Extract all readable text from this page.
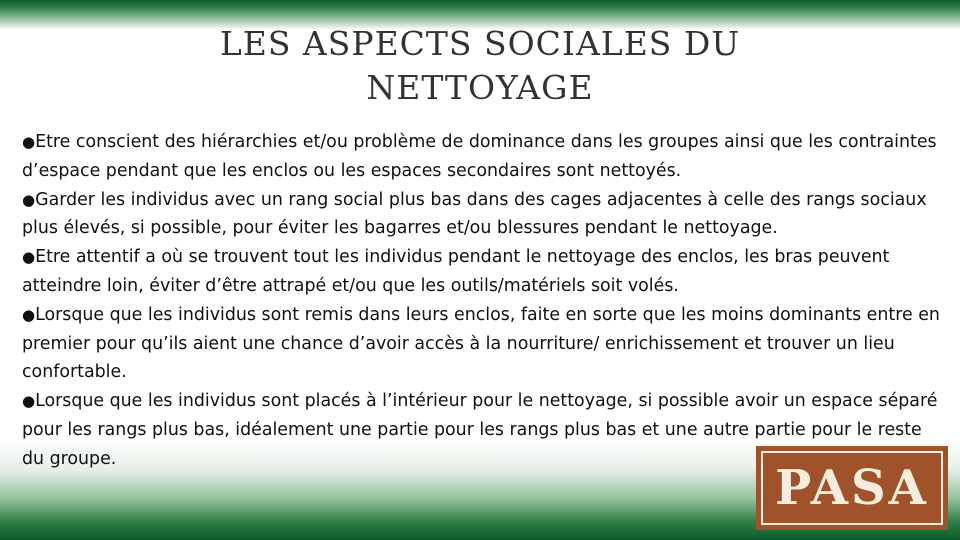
LES ASPECTS SOCIALES DU
NETTOYAGE

●Etre conscient des hiérarchies et/ou problème de dominance dans les groupes ainsi que les contraintes d’espace pendant que les enclos ou les espaces secondaires sont nettoyés.

●Garder les individus avec un rang social plus bas dans des cages adjacentes à celle des rangs sociaux plus élevés, si possible, pour éviter les bagarres et/ou blessures pendant le nettoyage.

●Etre attentif a où se trouvent tout les individus pendant le nettoyage des enclos, les bras peuvent atteindre loin, éviter d’être attrapé et/ou que les outils/matériels soit volés.

●Lorsque que les individus sont remis dans leurs enclos, faite en sorte que les moins dominants entre en premier pour qu’ils aient une chance d’avoir accès à la nourriture/ enrichissement et trouver un lieu confortable.

●Lorsque que les individus sont placés à l’intérieur pour le nettoyage, si possible avoir un espace séparé pour les rangs plus bas, idéalement une partie pour les rangs plus bas et une autre partie pour le reste du groupe.

PASA
